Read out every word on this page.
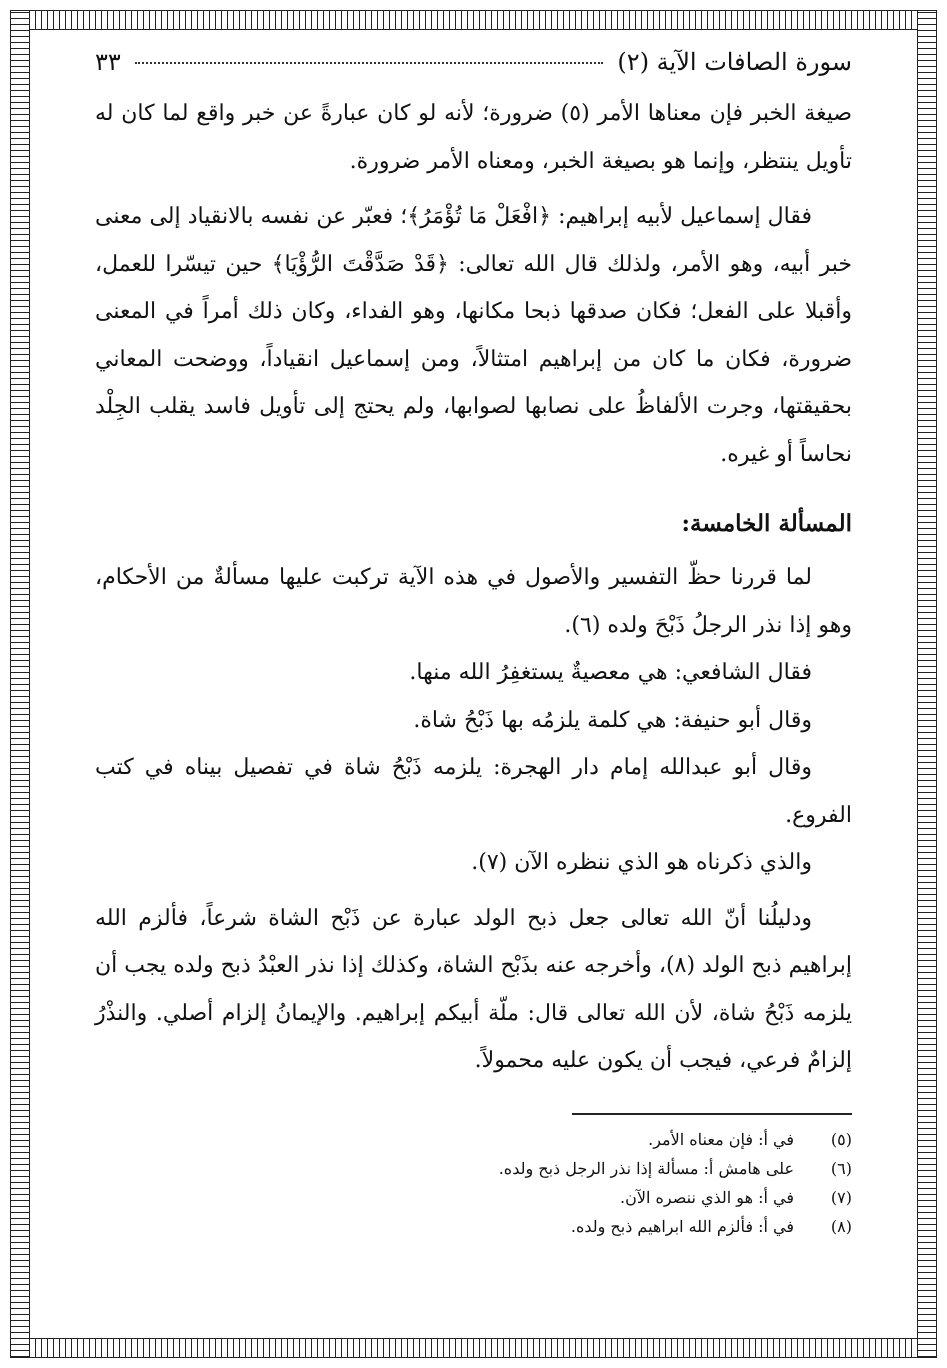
سورة الصافات الآية (٢)
٣٣

صيغة الخبر فإن معناها الأمر (٥) ضرورة؛ لأنه لو كان عبارةً عن خبر واقع لما كان له تأويل ينتظر، وإنما هو بصيغة الخبر، ومعناه الأمر ضرورة.

فقال إسماعيل لأبيه إبراهيم: ﴿افْعَلْ مَا تُؤْمَرُ﴾؛ فعبّر عن نفسه بالانقياد إلى معنى خبر أبيه، وهو الأمر، ولذلك قال الله تعالى: ﴿قَدْ صَدَّقْتَ الرُّؤْيَا﴾ حين تيسّرا للعمل، وأقبلا على الفعل؛ فكان صدقها ذبحا مكانها، وهو الفداء، وكان ذلك أمراً في المعنى ضرورة، فكان ما كان من إبراهيم امتثالاً، ومن إسماعيل انقياداً، ووضحت المعاني بحقيقتها، وجرت الألفاظُ على نصابها لصوابها، ولم يحتج إلى تأويل فاسد يقلب الجِلْد نحاساً أو غيره.

المسألة الخامسة:

لما قررنا حظّ التفسير والأصول في هذه الآية تركبت عليها مسألةٌ من الأحكام، وهو إذا نذر الرجلُ ذَبْحَ ولده (٦).

فقال الشافعي: هي معصيةٌ يستغفِرُ الله منها.

وقال أبو حنيفة: هي كلمة يلزمُه بها ذَبْحُ شاة.

وقال أبو عبدالله إمام دار الهجرة: يلزمه ذَبْحُ شاة في تفصيل بيناه في كتب الفروع.

والذي ذكرناه هو الذي ننظره الآن (٧).

ودليلُنا أنّ الله تعالى جعل ذبح الولد عبارة عن ذَبْح الشاة شرعاً، فألزم الله إبراهيم ذبح الولد (٨)، وأخرجه عنه بذَبْح الشاة، وكذلك إذا نذر العبْدُ ذبح ولده يجب أن يلزمه ذَبْحُ شاة، لأن الله تعالى قال: ملّة أبيكم إبراهيم. والإيمانُ إلزام أصلي. والنذْرُ إلزامٌ فرعي، فيجب أن يكون عليه محمولاً.

(٥)
في أ: فإن معناه الأمر.
(٦)
على هامش أ: مسألة إذا نذر الرجل ذبح ولده.
(٧)
في أ: هو الذي ننصره الآن.
(٨)
في أ: فألزم الله ابراهيم ذبح ولده.
